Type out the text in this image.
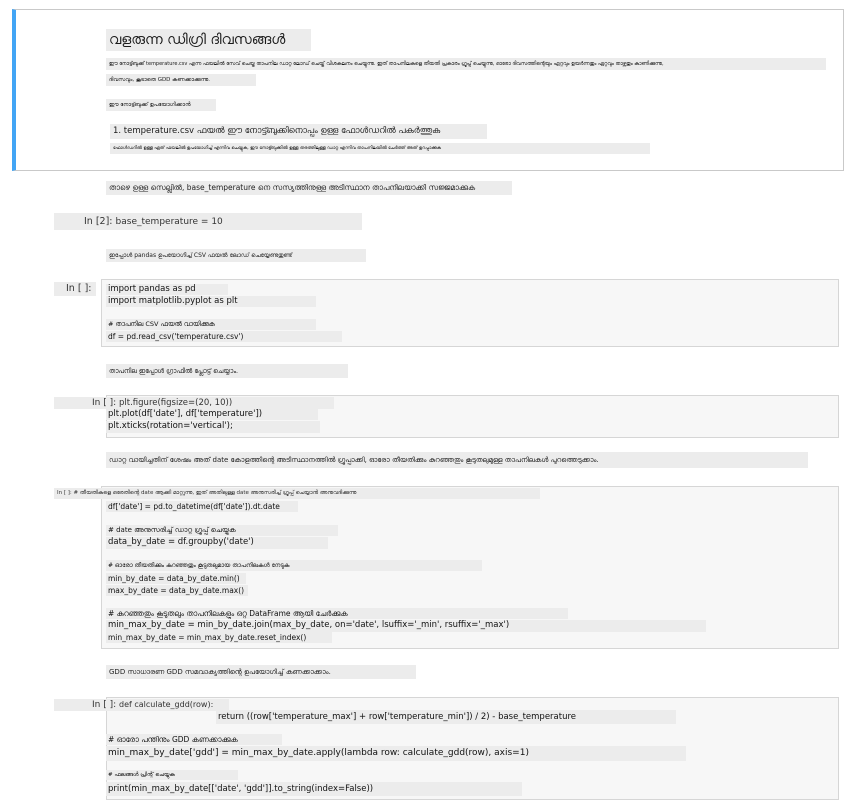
വളരുന്ന ഡിഗ്രി ദിവസങ്ങൾ
ഈ നോട്ട്ബുക്ക് temperature.csv എന്ന ഫയലിൽ സേവ് ചെയ്ത താപനില ഡാറ്റ ലോഡ് ചെയ്ത് വിശകലനം ചെയ്യുന്നു. ഇത് താപനിലകളെ തീയതി പ്രകാരം ഗ്രൂപ്പ് ചെയ്യുന്നു, ഓരോ ദിവസത്തിന്റെയും ഏറ്റവും ഉയർന്നതും ഏറ്റവും താഴ്ന്നതും കാണിക്കുന്നു,
ദിവസവും, കൂടാതെ GDD കണക്കാക്കുന്നു.
ഈ നോട്ട്ബുക്ക് ഉപയോഗിക്കാൻ
1. temperature.csv ഫയൽ ഈ നോട്ട്ബുക്കിനൊപ്പം ഉള്ള ഫോൾഡറിൽ പകർത്തുക
ഫോൾഡറിൽ ഉള്ള ഏത് ഫയലിൽ ഉപയോഗിച്ച് എന്നിവ ചെയ്യുക, ഈ നോട്ട്ബുക്കിൽ ഉള്ള തരത്തിലുള്ള ഡാറ്റ എന്നിവ താപനിലയിൽ ചേർത്ത് അത് ഉറപ്പാക്കുക
താഴെ ഉള്ള സെല്ലിൽ, base_temperature നെ സസ്യത്തിനുള്ള അടിസ്ഥാന താപനിലയാക്കി സജ്ജമാക്കുക
In [2]: base_temperature = 10
ഇപ്പോൾ pandas ഉപയോഗിച്ച് CSV ഫയൽ ലോഡ് ചെയ്യേണ്ടതുണ്ട്
In [ ]:	import pandas as pd
import matplotlib.pyplot as plt
# താപനില CSV ഫയൽ വായിക്കുക
df = pd.read_csv('temperature.csv')
താപനില ഇപ്പോൾ ഗ്രാഫിൽ പ്ലോട്ട് ചെയ്യാം.
In [ ]: plt.figure(figsize=(20, 10))
plt.plot(df['date'], df['temperature'])
plt.xticks(rotation='vertical');
ഡാറ്റ വായിച്ചതിന് ശേഷം അത് date കോളത്തിന്റെ അടിസ്ഥാനത്തിൽ ഗ്രൂപ്പാക്കി, ഓരോ തീയതിക്കും കുറഞ്ഞതും കൂടുതലുമുള്ള താപനിലകൾ പുറത്തെടുക്കാം.
In [ ]: # തീയതികളെ ഒരേതിന്റെ date ആക്കി മാറ്റുന്നു, ഇത് അതിലുള്ള date അനുസരിച്ച് ഗ്രൂപ്പ് ചെയ്യാൻ അനുവദിക്കുന്നു
df['date'] = pd.to_datetime(df['date']).dt.date
# date അനുസരിച്ച് ഡാറ്റ ഗ്രൂപ്പ് ചെയ്യുക
data_by_date = df.groupby('date')
# ഓരോ തീയതിക്കും കുറഞ്ഞതും കൂടുതലുമായ താപനിലകൾ നേടുക
min_by_date = data_by_date.min()
max_by_date = data_by_date.max()
# കുറഞ്ഞതും കൂടുതലും താപനിലകളും ഒറ്റ DataFrame ആയി ചേർക്കുക
min_max_by_date = min_by_date.join(max_by_date, on='date', lsuffix='_min', rsuffix='_max')
min_max_by_date = min_max_by_date.reset_index()
GDD സാധാരണ GDD സമവാക്യത്തിന്റെ ഉപയോഗിച്ച് കണക്കാക്കാം.
In [ ]: def calculate_gdd(row):
return ((row['temperature_max'] + row['temperature_min']) / 2) - base_temperature
# ഓരോ പന്തിനും GDD കണക്കാക്കുക
min_max_by_date['gdd'] = min_max_by_date.apply(lambda row: calculate_gdd(row), axis=1)
# ഫലങ്ങൾ പ്രിന്റ് ചെയ്യുക
print(min_max_by_date[['date', 'gdd']].to_string(index=False))
